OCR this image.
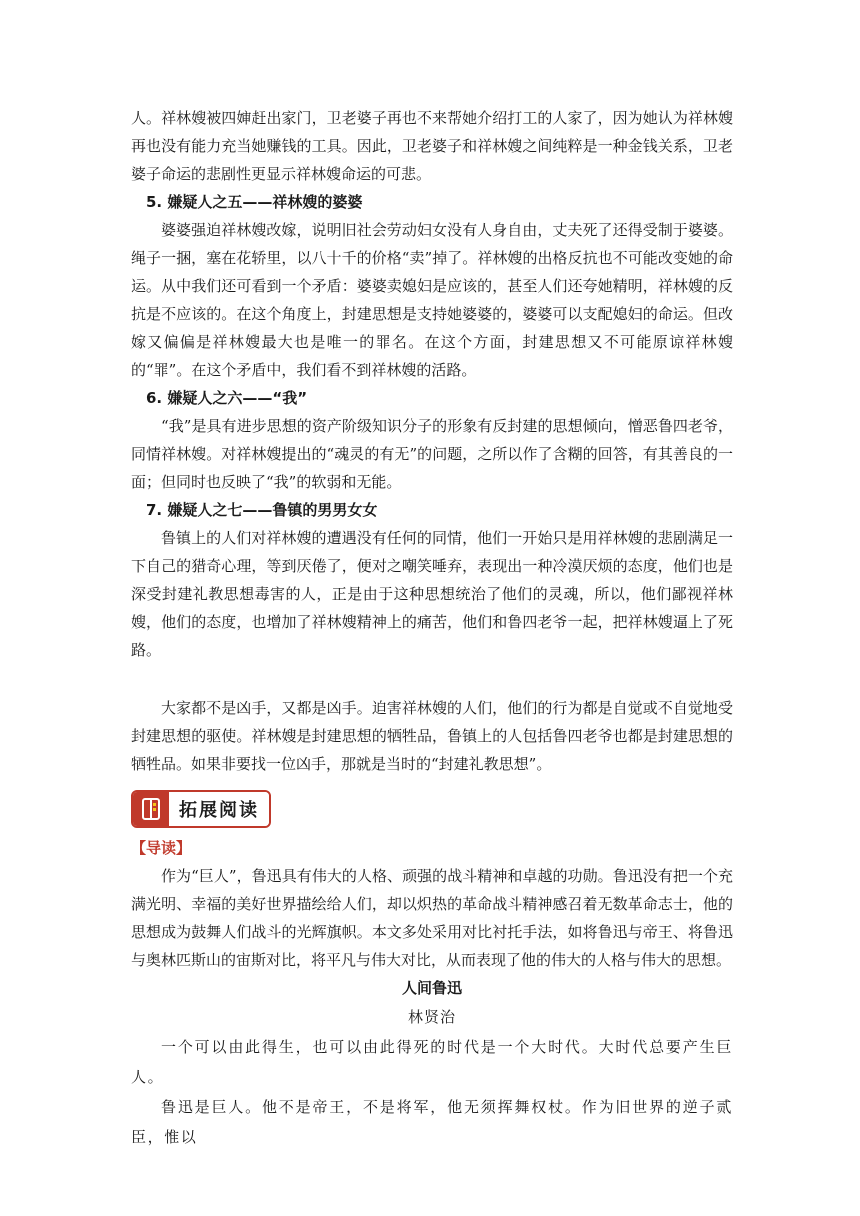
人。祥林嫂被四婶赶出家门，卫老婆子再也不来帮她介绍打工的人家了，因为她认为祥林嫂再也没有能力充当她赚钱的工具。因此，卫老婆子和祥林嫂之间纯粹是一种金钱关系，卫老婆子命运的悲剧性更显示祥林嫂命运的可悲。

5. 嫌疑人之五——祥林嫂的婆婆

婆婆强迫祥林嫂改嫁，说明旧社会劳动妇女没有人身自由，丈夫死了还得受制于婆婆。绳子一捆，塞在花轿里，以八十千的价格“卖”掉了。祥林嫂的出格反抗也不可能改变她的命运。从中我们还可看到一个矛盾：婆婆卖媳妇是应该的，甚至人们还夸她精明，祥林嫂的反抗是不应该的。在这个角度上，封建思想是支持她婆婆的，婆婆可以支配媳妇的命运。但改嫁又偏偏是祥林嫂最大也是唯一的罪名。在这个方面，封建思想又不可能原谅祥林嫂的“罪”。在这个矛盾中，我们看不到祥林嫂的活路。

6. 嫌疑人之六——“我”

“我”是具有进步思想的资产阶级知识分子的形象有反封建的思想倾向，憎恶鲁四老爷，同情祥林嫂。对祥林嫂提出的“魂灵的有无”的问题，之所以作了含糊的回答，有其善良的一面；但同时也反映了“我”的软弱和无能。

7. 嫌疑人之七——鲁镇的男男女女

鲁镇上的人们对祥林嫂的遭遇没有任何的同情，他们一开始只是用祥林嫂的悲剧满足一下自己的猎奇心理，等到厌倦了，便对之嘲笑唾弃，表现出一种冷漠厌烦的态度，他们也是深受封建礼教思想毒害的人，正是由于这种思想统治了他们的灵魂，所以，他们鄙视祥林嫂，他们的态度，也增加了祥林嫂精神上的痛苦，他们和鲁四老爷一起，把祥林嫂逼上了死路。

大家都不是凶手，又都是凶手。迫害祥林嫂的人们，他们的行为都是自觉或不自觉地受封建思想的驱使。祥林嫂是封建思想的牺牲品，鲁镇上的人包括鲁四老爷也都是封建思想的牺牲品。如果非要找一位凶手，那就是当时的“封建礼教思想”。

拓展阅读

【导读】

作为“巨人”，鲁迅具有伟大的人格、顽强的战斗精神和卓越的功勋。鲁迅没有把一个充满光明、幸福的美好世界描绘给人们，却以炽热的革命战斗精神感召着无数革命志士，他的思想成为鼓舞人们战斗的光辉旗帜。本文多处采用对比衬托手法，如将鲁迅与帝王、将鲁迅与奥林匹斯山的宙斯对比，将平凡与伟大对比，从而表现了他的伟大的人格与伟大的思想。

人间鲁迅

林贤治

一个可以由此得生，也可以由此得死的时代是一个大时代。大时代总要产生巨人。

鲁迅是巨人。他不是帝王，不是将军，他无须挥舞权杖。作为旧世界的逆子贰臣，惟以
